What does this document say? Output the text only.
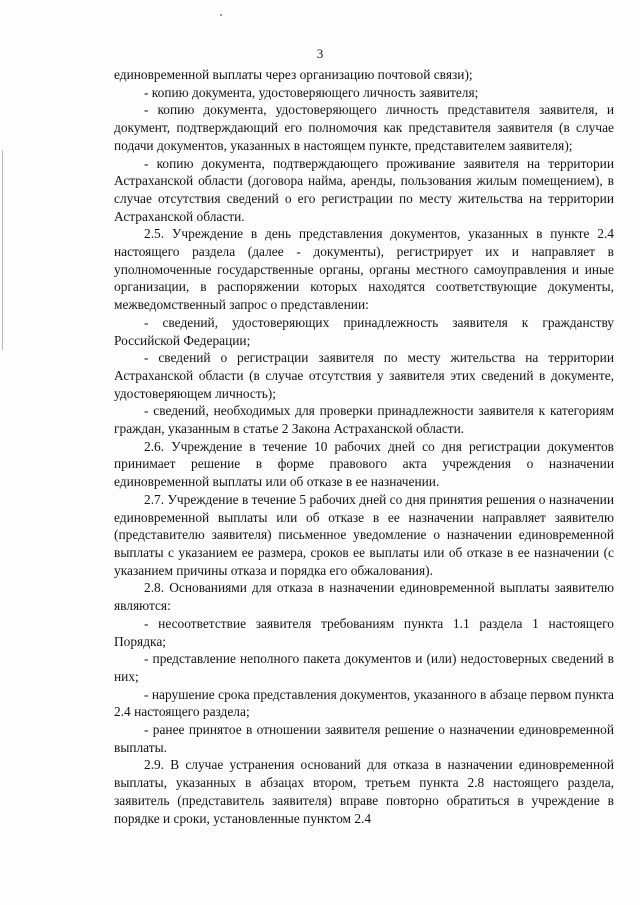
3

единовременной выплаты через организацию почтовой связи);

- копию документа, удостоверяющего личность заявителя;

- копию документа, удостоверяющего личность представителя заявителя, и документ, подтверждающий его полномочия как представителя заявителя (в случае подачи документов, указанных в настоящем пункте, представителем заявителя);

- копию документа, подтверждающего проживание заявителя на территории Астраханской области (договора найма, аренды, пользования жилым помещением), в случае отсутствия сведений о его регистрации по месту жительства на территории Астраханской области.

2.5. Учреждение в день представления документов, указанных в пункте 2.4 настоящего раздела (далее - документы), регистрирует их и направляет в уполномоченные государственные органы, органы местного самоуправления и иные организации, в распоряжении которых находятся соответствующие документы, межведомственный запрос о представлении:

- сведений, удостоверяющих принадлежность заявителя к гражданству Российской Федерации;

- сведений о регистрации заявителя по месту жительства на территории Астраханской области (в случае отсутствия у заявителя этих сведений в документе, удостоверяющем личность);

- сведений, необходимых для проверки принадлежности заявителя к категориям граждан, указанным в статье 2 Закона Астраханской области.

2.6. Учреждение в течение 10 рабочих дней со дня регистрации документов принимает решение в форме правового акта учреждения о назначении единовременной выплаты или об отказе в ее назначении.

2.7. Учреждение в течение 5 рабочих дней со дня принятия решения о назначении единовременной выплаты или об отказе в ее назначении направляет заявителю (представителю заявителя) письменное уведомление о назначении единовременной выплаты с указанием ее размера, сроков ее выплаты или об отказе в ее назначении (с указанием причины отказа и порядка его обжалования).

2.8. Основаниями для отказа в назначении единовременной выплаты заявителю являются:

- несоответствие заявителя требованиям пункта 1.1 раздела 1 настоящего Порядка;

- представление неполного пакета документов и (или) недостоверных сведений в них;

- нарушение срока представления документов, указанного в абзаце первом пункта 2.4 настоящего раздела;

- ранее принятое в отношении заявителя решение о назначении единовременной выплаты.

2.9. В случае устранения оснований для отказа в назначении единовременной выплаты, указанных в абзацах втором, третьем пункта 2.8 настоящего раздела, заявитель (представитель заявителя) вправе повторно обратиться в учреждение в порядке и сроки, установленные пунктом 2.4
